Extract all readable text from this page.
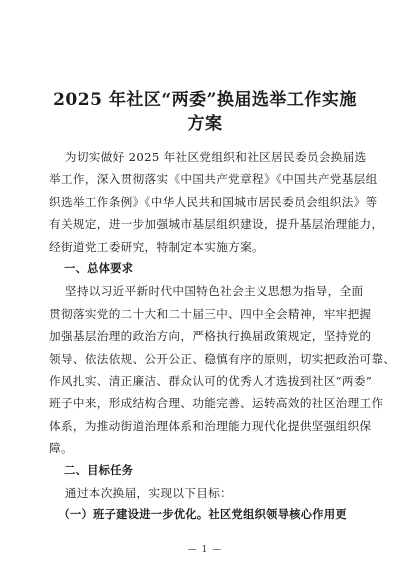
2025 年社区“两委”换届选举工作实施
方案
　　为切实做好 2025 年社区党组织和社区居民委员会换届选
举工作，深入贯彻落实《中国共产党章程》《中国共产党基层组
织选举工作条例》《中华人民共和国城市居民委员会组织法》等
有关规定，进一步加强城市基层组织建设，提升基层治理能力，
经街道党工委研究，特制定本实施方案。
　　一、总体要求
　　坚持以习近平新时代中国特色社会主义思想为指导，全面
贯彻落实党的二十大和二十届三中、四中全会精神，牢牢把握
加强基层治理的政治方向，严格执行换届政策规定，坚持党的
领导、依法依规、公开公正、稳慎有序的原则，切实把政治可靠、
作风扎实、清正廉洁、群众认可的优秀人才选拔到社区“两委”
班子中来，形成结构合理、功能完善、运转高效的社区治理工作
体系，为推动街道治理体系和治理能力现代化提供坚强组织保
障。
　　二、目标任务
　　通过本次换届，实现以下目标：
　　（一）班子建设进一步优化。社区党组织领导核心作用更
— 1 —
